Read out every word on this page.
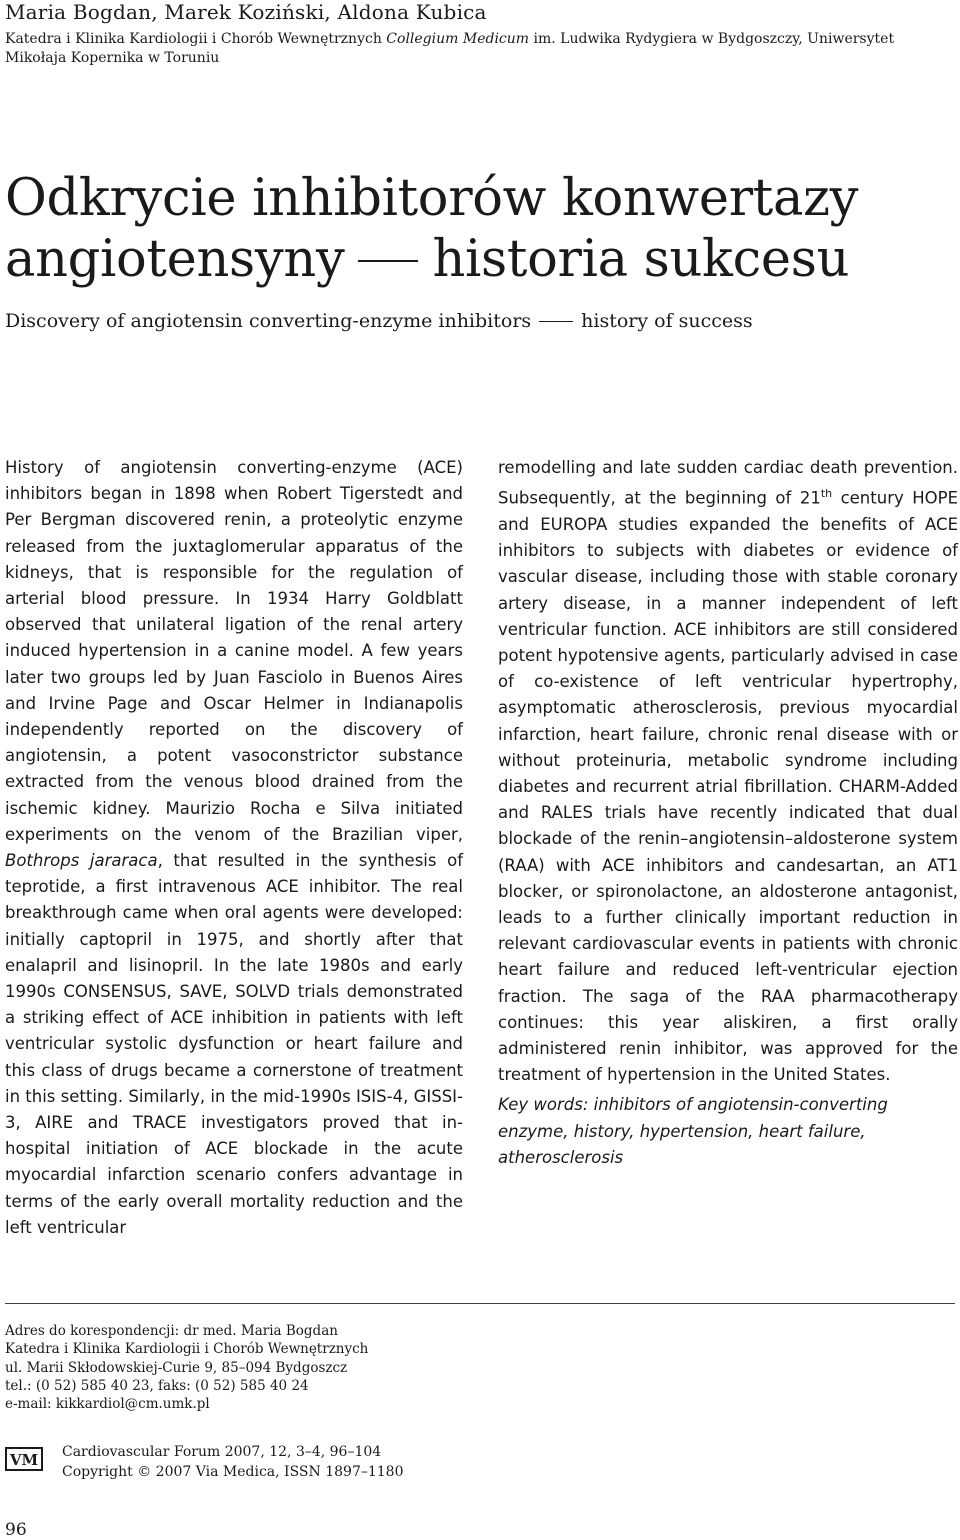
Maria Bogdan, Marek Koziński, Aldona Kubica
Katedra i Klinika Kardiologii i Chorób Wewnętrznych Collegium Medicum im. Ludwika Rydygiera w Bydgoszczy, Uniwersytet
Mikołaja Kopernika w Toruniu
Odkrycie inhibitorów konwertazy
angiotensyny historia sukcesu
Discovery of angiotensin converting-enzyme inhibitors	history of success

History of angiotensin converting-enzyme (ACE) inhibitors began in 1898 when Robert Tigerstedt and Per Bergman discovered renin, a proteolytic enzyme released from the juxtaglomerular apparatus of the kidneys, that is responsible for the regulation of arterial blood pressure. In 1934 Harry Goldblatt observed that unilateral ligation of the renal artery induced hypertension in a canine model. A few years later two groups led by Juan Fasciolo in Buenos Aires and Irvine Page and Oscar Helmer in Indianapolis independently reported on the discovery of angiotensin, a potent vasoconstrictor substance extracted from the venous blood drained from the ischemic kidney. Maurizio Rocha e Silva initiated experiments on the venom of the Brazilian viper, Bothrops jararaca, that resulted in the synthesis of teprotide, a first intravenous ACE inhibitor. The real breakthrough came when oral agents were developed: initially captopril in 1975, and shortly after that enalapril and lisinopril. In the late 1980s and early 1990s CONSENSUS, SAVE, SOLVD trials demonstrated a striking effect of ACE inhibition in patients with left ventricular systolic dysfunction or heart failure and this class of drugs became a cornerstone of treatment in this setting. Similarly, in the mid-1990s ISIS-4, GISSI-3, AIRE and TRACE investigators proved that in-hospital initiation of ACE blockade in the acute myocardial infarction scenario confers advantage in terms of the early overall mortality reduction and the left ventricular

remodelling and late sudden cardiac death prevention. Subsequently, at the beginning of 21th century HOPE and EUROPA studies expanded the benefits of ACE inhibitors to subjects with diabetes or evidence of vascular disease, including those with stable coronary artery disease, in a manner independent of left ventricular function. ACE inhibitors are still considered potent hypotensive agents, particularly advised in case of co-existence of left ventricular hypertrophy, asymptomatic atherosclerosis, previous myocardial infarction, heart failure, chronic renal disease with or without proteinuria, metabolic syndrome including diabetes and recurrent atrial fibrillation. CHARM-Added and RALES trials have recently indicated that dual blockade of the renin–angiotensin–aldosterone system (RAA) with ACE inhibitors and candesartan, an AT1 blocker, or spironolactone, an aldosterone antagonist, leads to a further clinically important reduction in relevant cardiovascular events in patients with chronic heart failure and reduced left-ventricular ejection fraction. The saga of the RAA pharmacotherapy continues: this year aliskiren, a first orally administered renin inhibitor, was approved for the treatment of hypertension in the United States.

Key words: inhibitors of angiotensin-converting enzyme, history, hypertension, heart failure, atherosclerosis

Adres do korespondencji: dr med. Maria Bogdan
Katedra i Klinika Kardiologii i Chorób Wewnętrznych
ul. Marii Skłodowskiej-Curie 9, 85–094 Bydgoszcz
tel.: (0 52) 585 40 23, faks: (0 52) 585 40 24
e-mail: kikkardiol@cm.umk.pl
VM Cardiovascular Forum 2007, 12, 3–4, 96–104
Copyright © 2007 Via Medica, ISSN 1897–1180
96
